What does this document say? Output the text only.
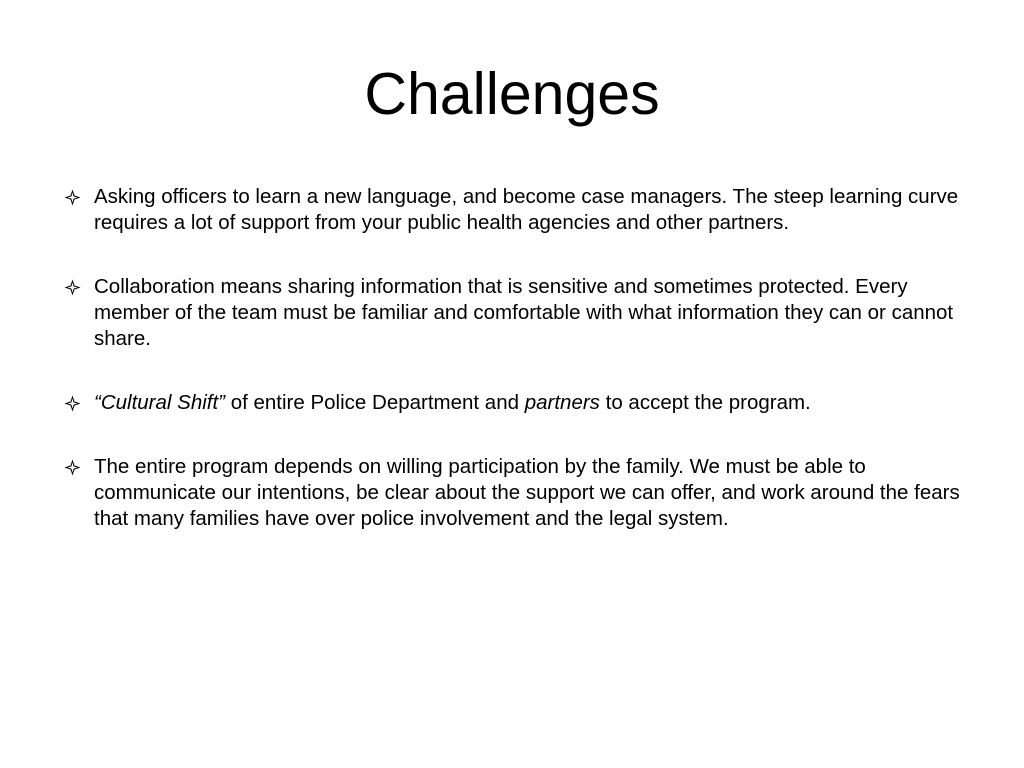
Challenges
Asking officers to learn a new language, and become case managers. The steep learning curve requires a lot of support from your public health agencies and other partners.
Collaboration means sharing information that is sensitive and sometimes protected. Every member of the team must be familiar and comfortable with what information they can or cannot share.
“Cultural Shift” of entire Police Department and partners to accept the program.
The entire program depends on willing participation by the family. We must be able to communicate our intentions, be clear about the support we can offer, and work around the fears that many families have over police involvement and the legal system.
